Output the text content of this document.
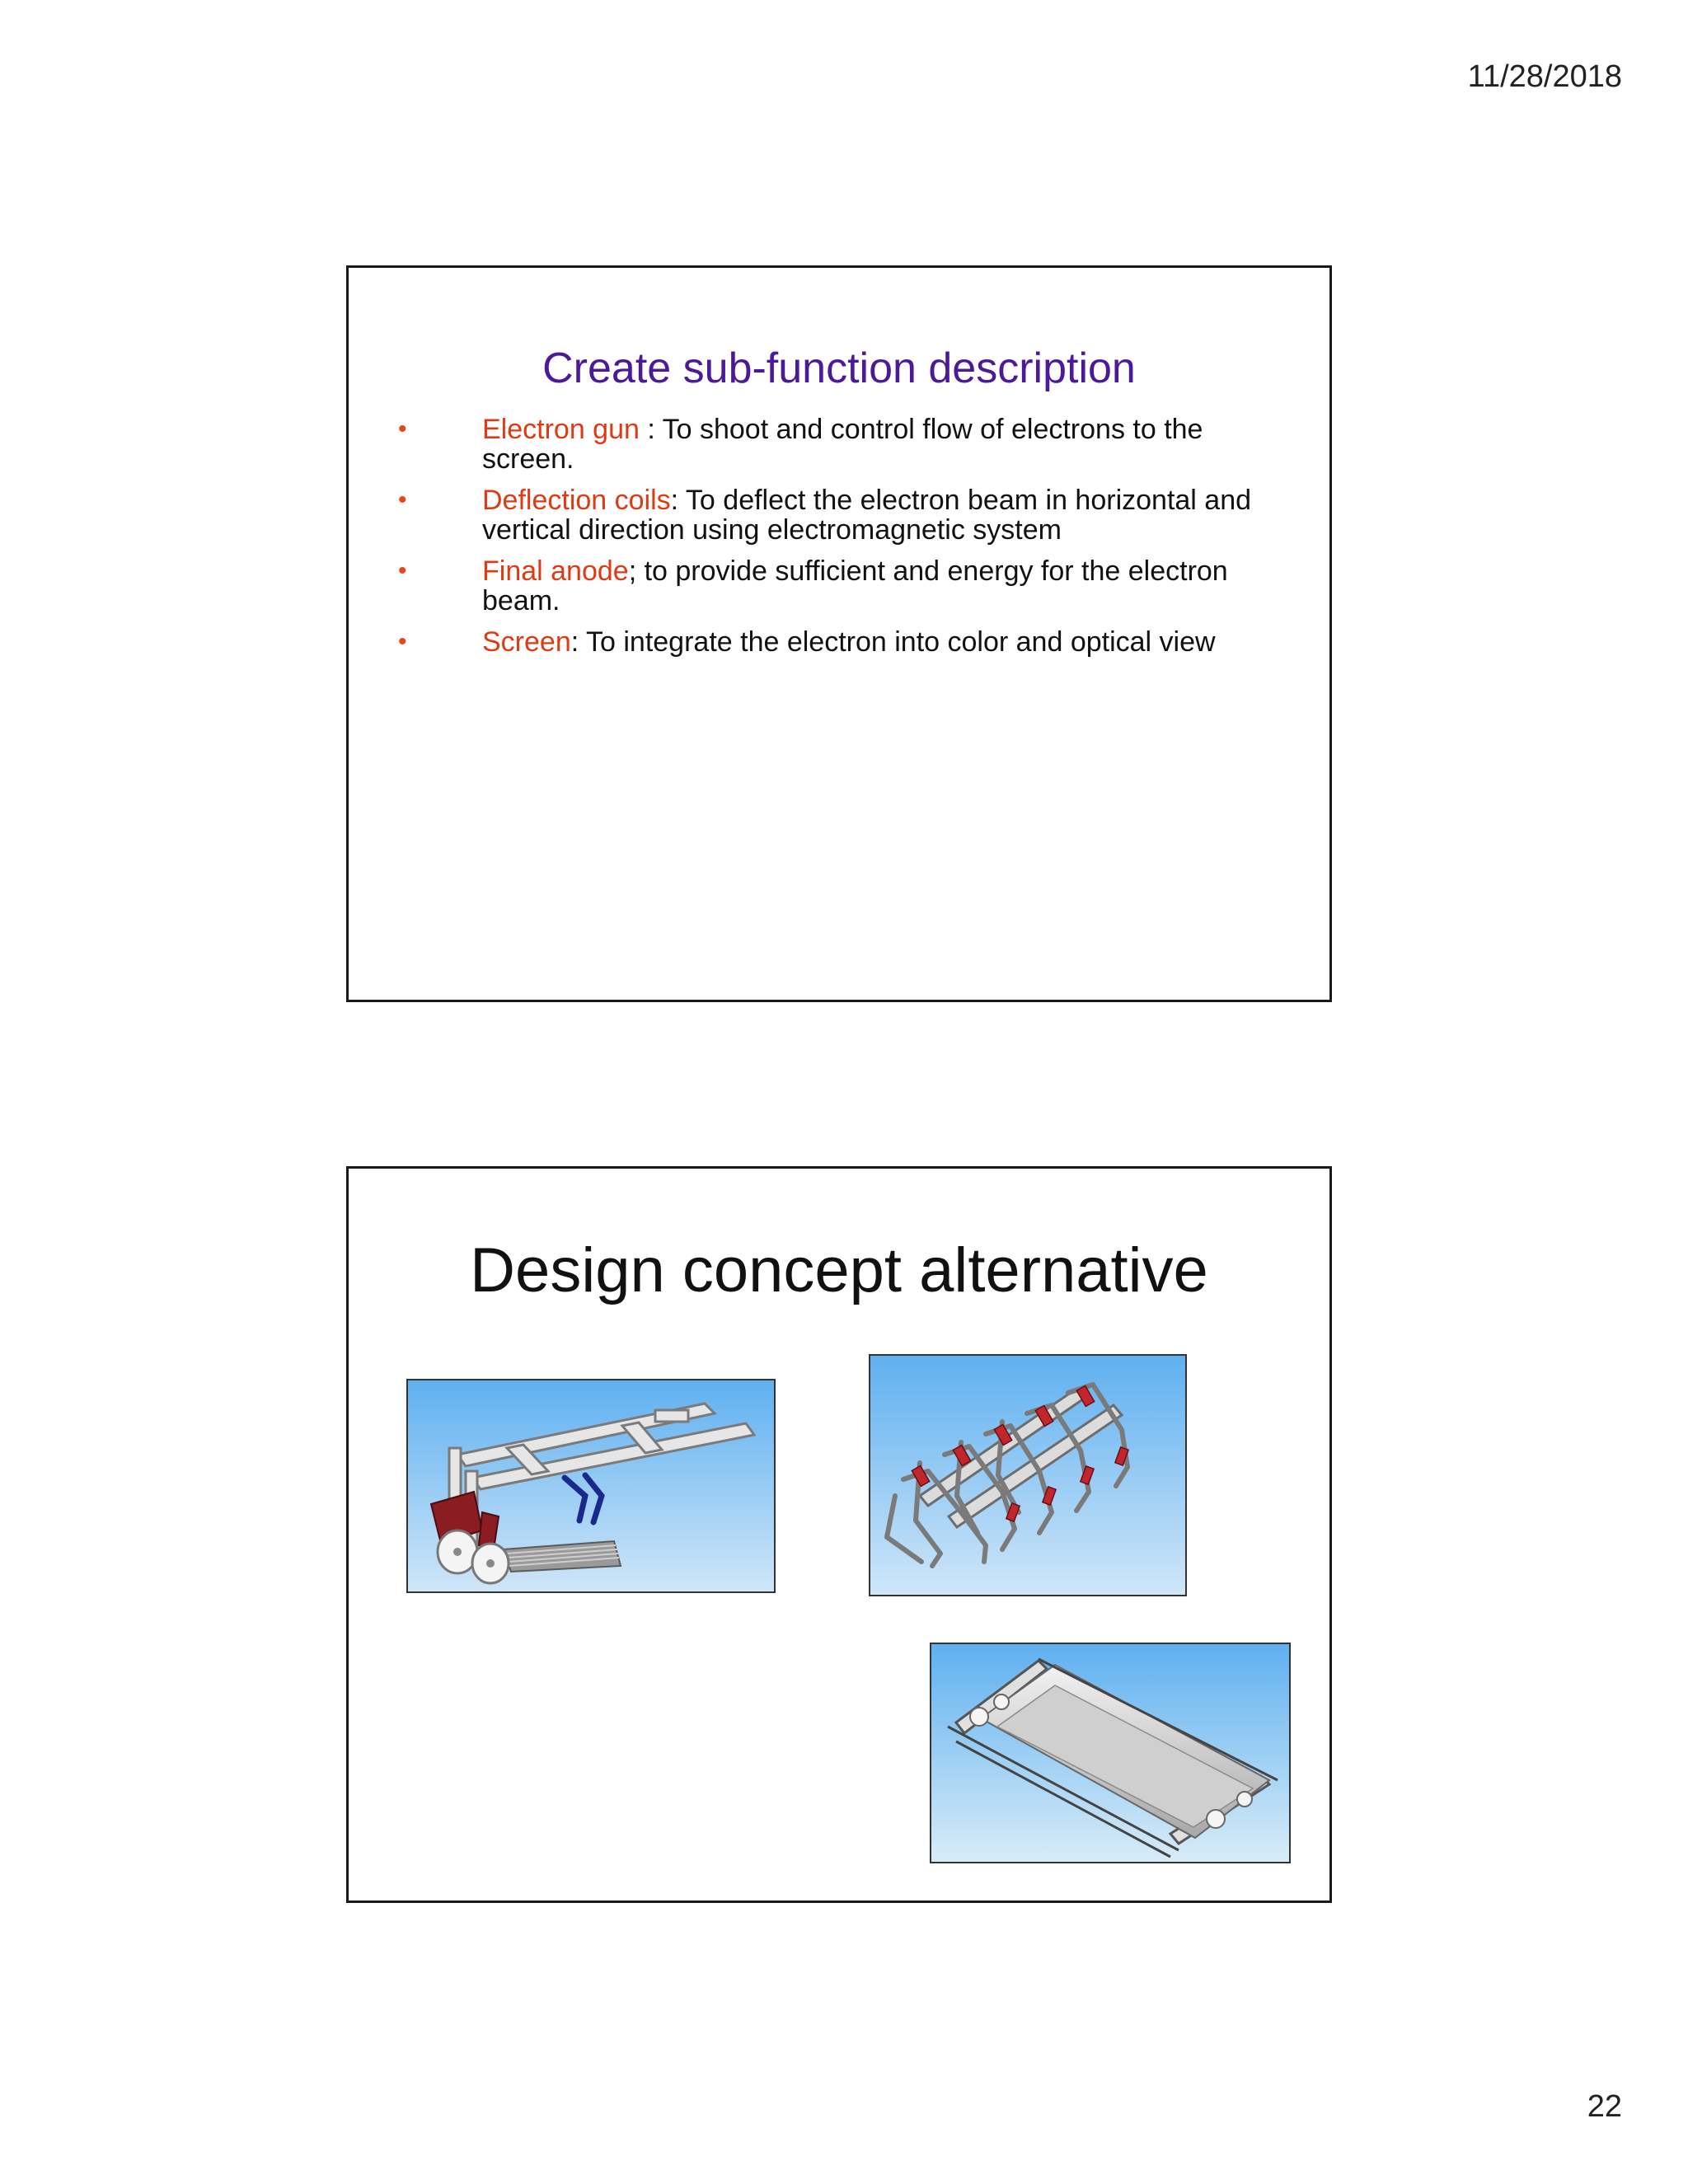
11/28/2018
Create sub-function description
•	Electron gun : To shoot and control flow of electrons to the screen.
•	Deflection coils: To deflect the electron beam in horizontal and vertical direction using electromagnetic system
•	Final anode; to provide sufficient and energy for the electron beam.
•	Screen: To integrate the electron into color and optical view
Design concept alternative
22
